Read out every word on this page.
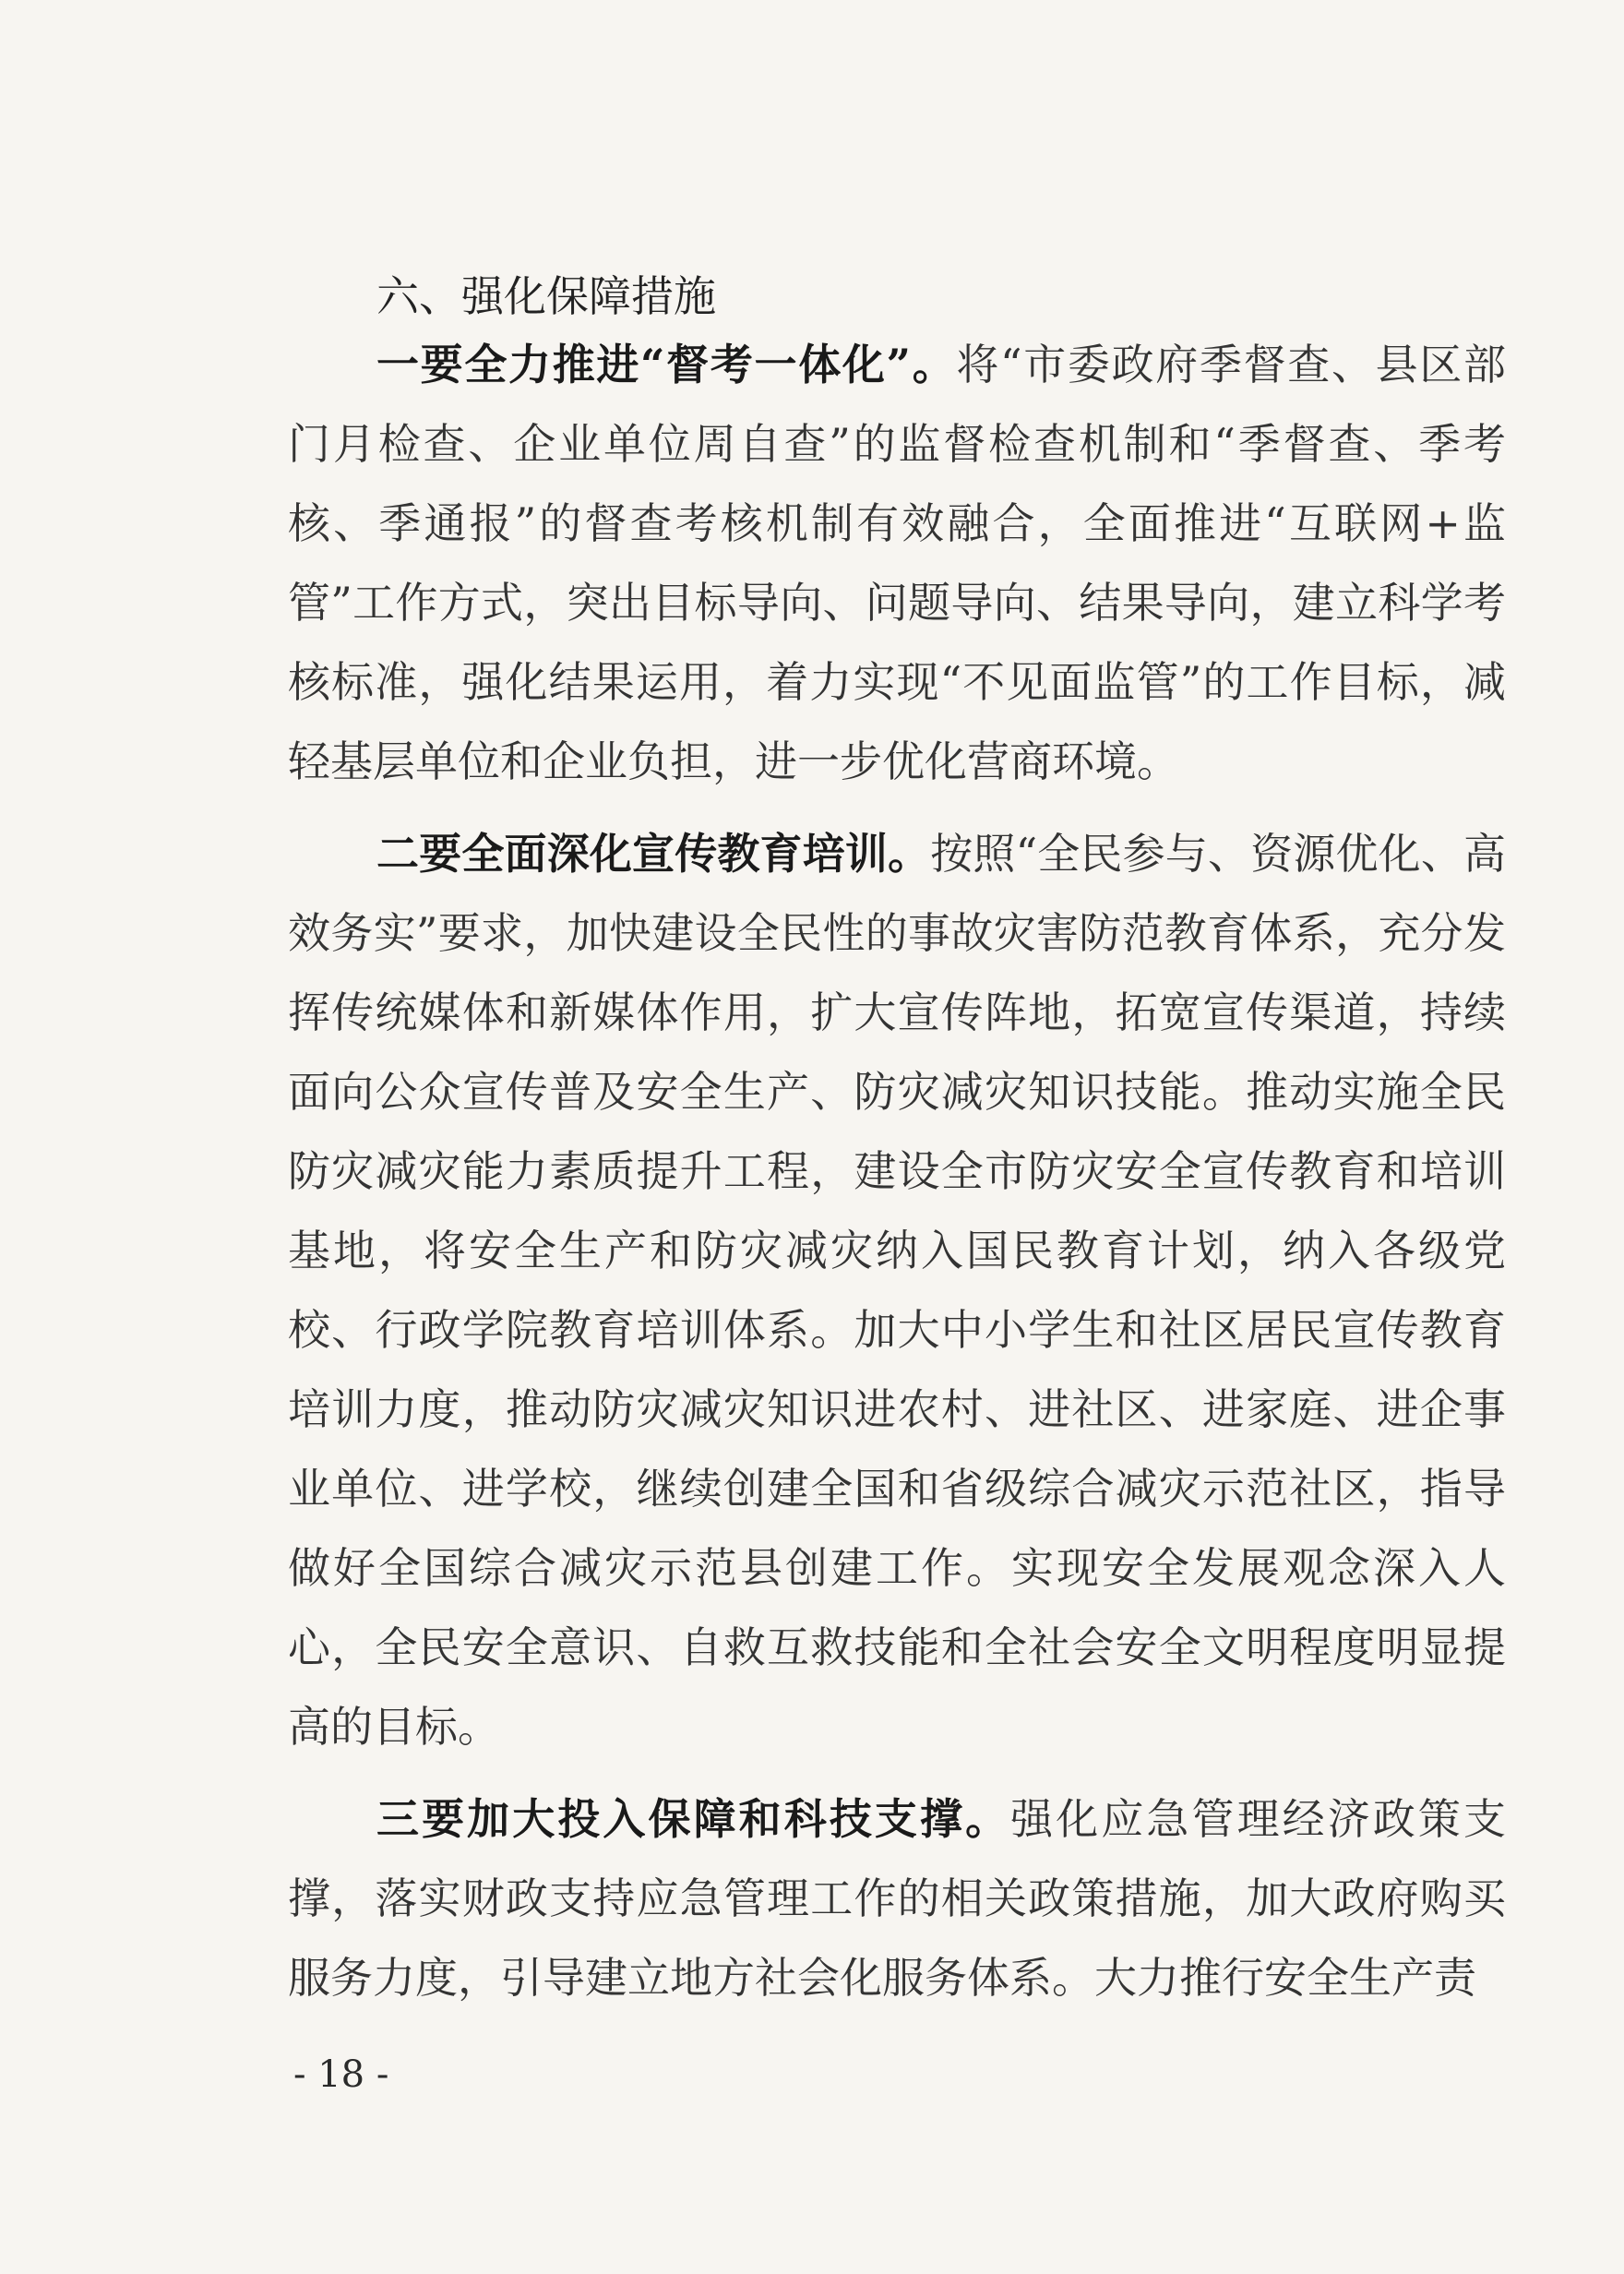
六、强化保障措施

一要全力推进“督考一体化”。将“市委政府季督查、县区部门月检查、企业单位周自查”的监督检查机制和“季督查、季考核、季通报”的督查考核机制有效融合，全面推进“互联网+监管”工作方式，突出目标导向、问题导向、结果导向，建立科学考核标准，强化结果运用，着力实现“不见面监管”的工作目标，减轻基层单位和企业负担，进一步优化营商环境。

二要全面深化宣传教育培训。按照“全民参与、资源优化、高效务实”要求，加快建设全民性的事故灾害防范教育体系，充分发挥传统媒体和新媒体作用，扩大宣传阵地，拓宽宣传渠道，持续面向公众宣传普及安全生产、防灾减灾知识技能。推动实施全民防灾减灾能力素质提升工程，建设全市防灾安全宣传教育和培训基地，将安全生产和防灾减灾纳入国民教育计划，纳入各级党校、行政学院教育培训体系。加大中小学生和社区居民宣传教育培训力度，推动防灾减灾知识进农村、进社区、进家庭、进企事业单位、进学校，继续创建全国和省级综合减灾示范社区，指导做好全国综合减灾示范县创建工作。实现安全发展观念深入人心，全民安全意识、自救互救技能和全社会安全文明程度明显提高的目标。

三要加大投入保障和科技支撑。强化应急管理经济政策支撑，落实财政支持应急管理工作的相关政策措施，加大政府购买服务力度，引导建立地方社会化服务体系。大力推行安全生产责

- 18 -
